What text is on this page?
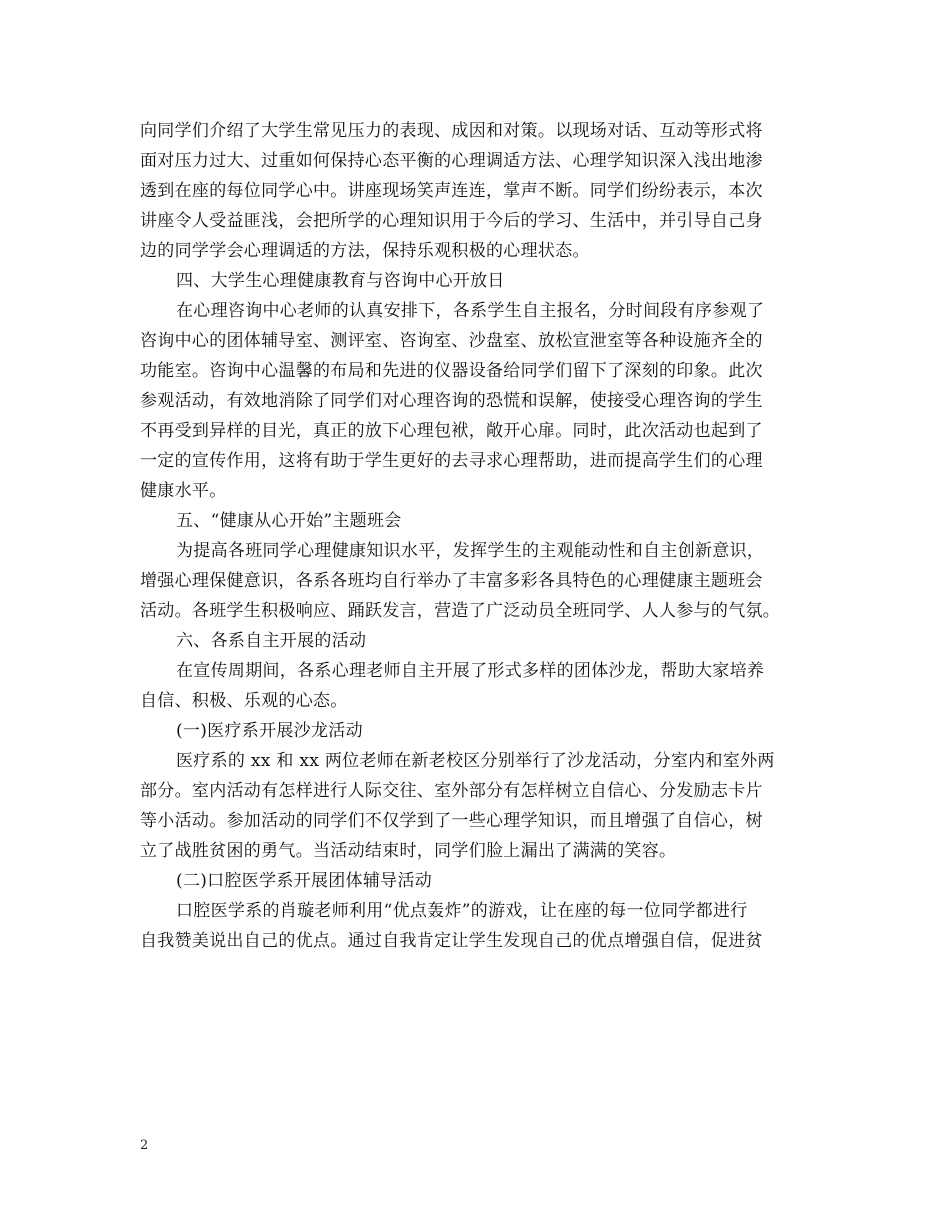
向同学们介绍了大学生常见压力的表现、成因和对策。以现场对话、互动等形式将
面对压力过大、过重如何保持心态平衡的心理调适方法、心理学知识深入浅出地渗
透到在座的每位同学心中。讲座现场笑声连连，掌声不断。同学们纷纷表示，本次
讲座令人受益匪浅，会把所学的心理知识用于今后的学习、生活中，并引导自己身
边的同学学会心理调适的方法，保持乐观积极的心理状态。
四、大学生心理健康教育与咨询中心开放日
在心理咨询中心老师的认真安排下，各系学生自主报名，分时间段有序参观了
咨询中心的团体辅导室、测评室、咨询室、沙盘室、放松宣泄室等各种设施齐全的
功能室。咨询中心温馨的布局和先进的仪器设备给同学们留下了深刻的印象。此次
参观活动，有效地消除了同学们对心理咨询的恐慌和误解，使接受心理咨询的学生
不再受到异样的目光，真正的放下心理包袱，敞开心扉。同时，此次活动也起到了
一定的宣传作用，这将有助于学生更好的去寻求心理帮助，进而提高学生们的心理
健康水平。
五、“健康从心开始”主题班会
为提高各班同学心理健康知识水平，发挥学生的主观能动性和自主创新意识，
增强心理保健意识，各系各班均自行举办了丰富多彩各具特色的心理健康主题班会
活动。各班学生积极响应、踊跃发言，营造了广泛动员全班同学、人人参与的气氛。
六、各系自主开展的活动
在宣传周期间，各系心理老师自主开展了形式多样的团体沙龙，帮助大家培养
自信、积极、乐观的心态。
(一)医疗系开展沙龙活动
医疗系的 xx 和 xx 两位老师在新老校区分别举行了沙龙活动，分室内和室外两
部分。室内活动有怎样进行人际交往、室外部分有怎样树立自信心、分发励志卡片
等小活动。参加活动的同学们不仅学到了一些心理学知识，而且增强了自信心，树
立了战胜贫困的勇气。当活动结束时，同学们脸上漏出了满满的笑容。
(二)口腔医学系开展团体辅导活动
口腔医学系的肖璇老师利用“优点轰炸”的游戏，让在座的每一位同学都进行
自我赞美说出自己的优点。通过自我肯定让学生发现自己的优点增强自信，促进贫
2
